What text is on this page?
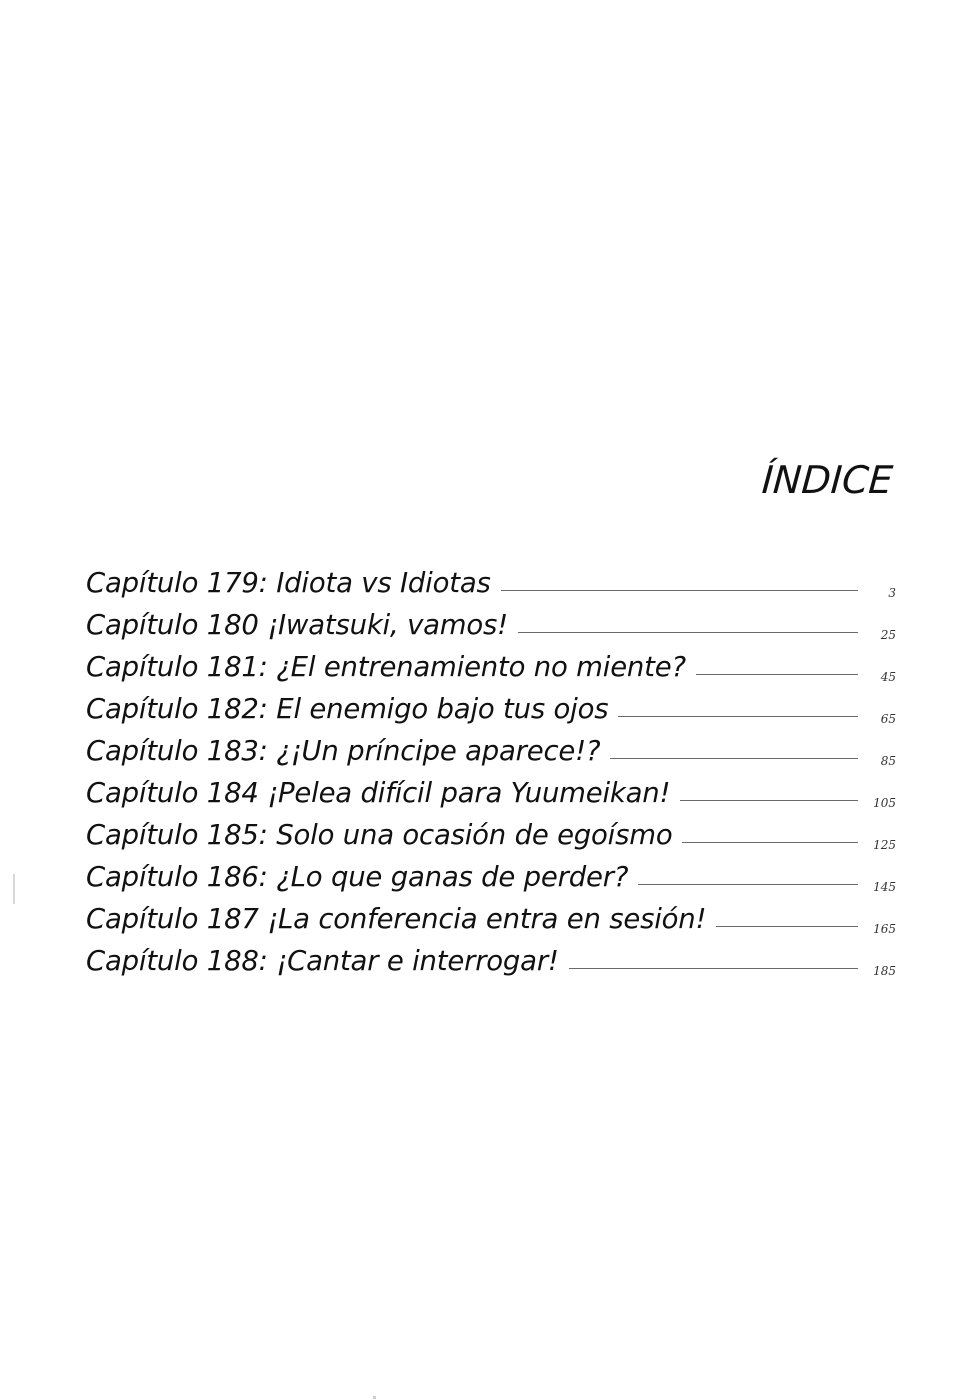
ÍNDICE
Capítulo 179: Idiota vs Idiotas	3
Capítulo 180 ¡Iwatsuki, vamos!	25
Capítulo 181: ¿El entrenamiento no miente?	45
Capítulo 182: El enemigo bajo tus ojos	65
Capítulo 183: ¿¡Un príncipe aparece!?	85
Capítulo 184 ¡Pelea difícil para Yuumeikan!	105
Capítulo 185: Solo una ocasión de egoísmo	125
Capítulo 186: ¿Lo que ganas de perder?	145
Capítulo 187 ¡La conferencia entra en sesión!	165
Capítulo 188: ¡Cantar e interrogar!	185
